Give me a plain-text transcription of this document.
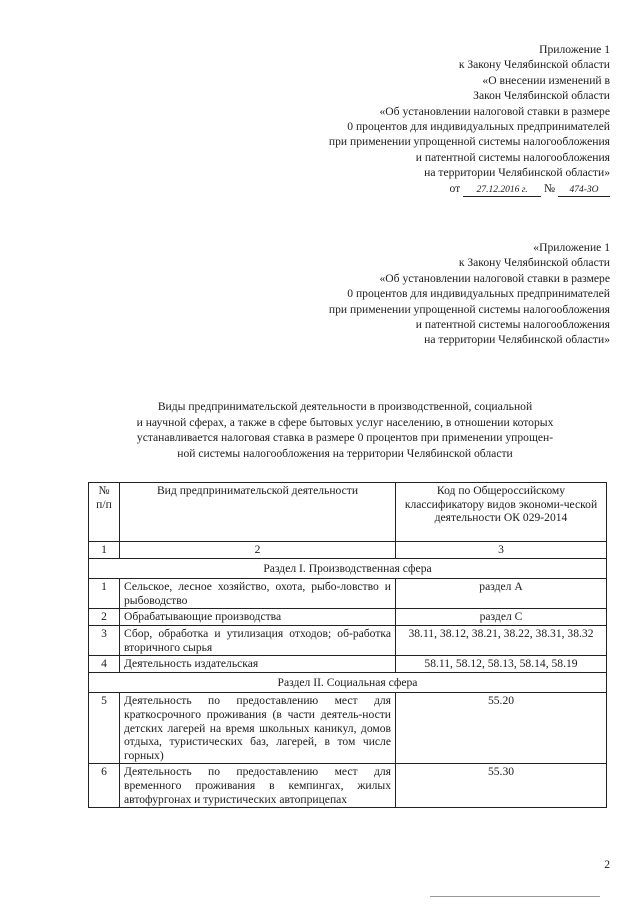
Приложение 1
к Закону Челябинской области
«О внесении изменений в
Закон Челябинской области
«Об установлении налоговой ставки в размере
0 процентов для индивидуальных предпринимателей
при применении упрощенной системы налогообложения
и патентной системы налогообложения
на территории Челябинской области»
от 27.12.2016 г. № 474-ЗО
«Приложение 1
к Закону Челябинской области
«Об установлении налоговой ставки в размере
0 процентов для индивидуальных предпринимателей
при применении упрощенной системы налогообложения
и патентной системы налогообложения
на территории Челябинской области»
Виды предпринимательской деятельности в производственной, социальной
и научной сферах, а также в сфере бытовых услуг населению, в отношении которых
устанавливается налоговая ставка в размере 0 процентов при применении упрощен-
ной системы налогообложения на территории Челябинской области
№ п/п	Вид предпринимательской деятельности	Код по Общероссийскому классификатору видов экономи-ческой деятельности ОК 029-2014
1	2	3
Раздел I. Производственная сфера		
1	Сельское, лесное хозяйство, охота, рыбо-ловство и рыбоводство	раздел А
2	Обрабатывающие производства	раздел С
3	Сбор, обработка и утилизация отходов; об-работка вторичного сырья	38.11, 38.12, 38.21, 38.22, 38.31, 38.32
4	Деятельность издательская	58.11, 58.12, 58.13, 58.14, 58.19
Раздел II. Социальная сфера		
5	Деятельность по предоставлению мест для краткосрочного проживания (в части деятель-ности детских лагерей на время школьных каникул, домов отдыха, туристических баз, лагерей, в том числе горных)	55.20
6	Деятельность по предоставлению мест для временного проживания в кемпингах, жилых автофургонах и туристических автоприцепах	55.30
2
